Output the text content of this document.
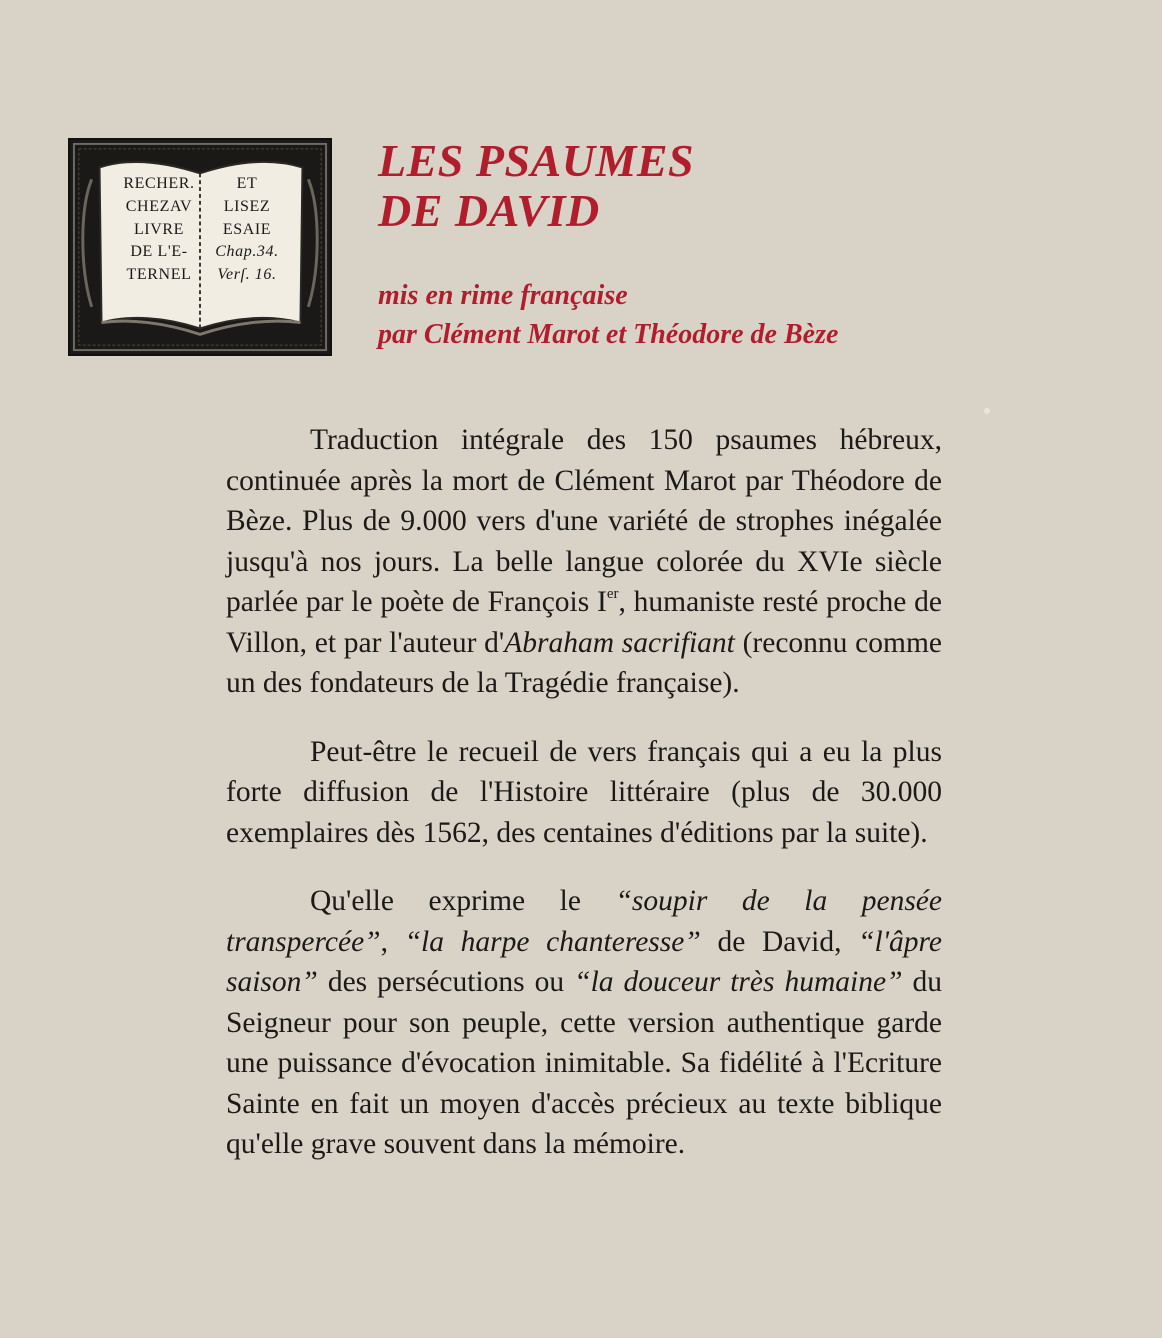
RECHER.
CHEZAV
LIVRE
DE L'E-
TERNEL
ET
LISEZ
ESAIE
Chap.34.
Verſ. 16.
LES PSAUMES
DE DAVID
mis en rime française
par Clément Marot et Théodore de Bèze

Traduction intégrale des 150 psaumes hébreux, continuée après la mort de Clément Marot par Théodore de Bèze. Plus de 9.000 vers d'une variété de strophes inégalée jusqu'à nos jours. La belle langue colorée du XVIe siècle parlée par le poète de François Ier, humaniste resté proche de Villon, et par l'auteur d'Abraham sacrifiant (reconnu comme un des fondateurs de la Tragédie française).

Peut-être le recueil de vers français qui a eu la plus forte diffusion de l'Histoire littéraire (plus de 30.000 exemplaires dès 1562, des centaines d'éditions par la suite).

Qu'elle exprime le “soupir de la pensée transpercée”, “la harpe chanteresse” de David, “l'âpre saison” des persécutions ou “la douceur très humaine” du Seigneur pour son peuple, cette version authentique garde une puissance d'évocation inimitable. Sa fidélité à l'Ecriture Sainte en fait un moyen d'accès précieux au texte biblique qu'elle grave souvent dans la mémoire.
